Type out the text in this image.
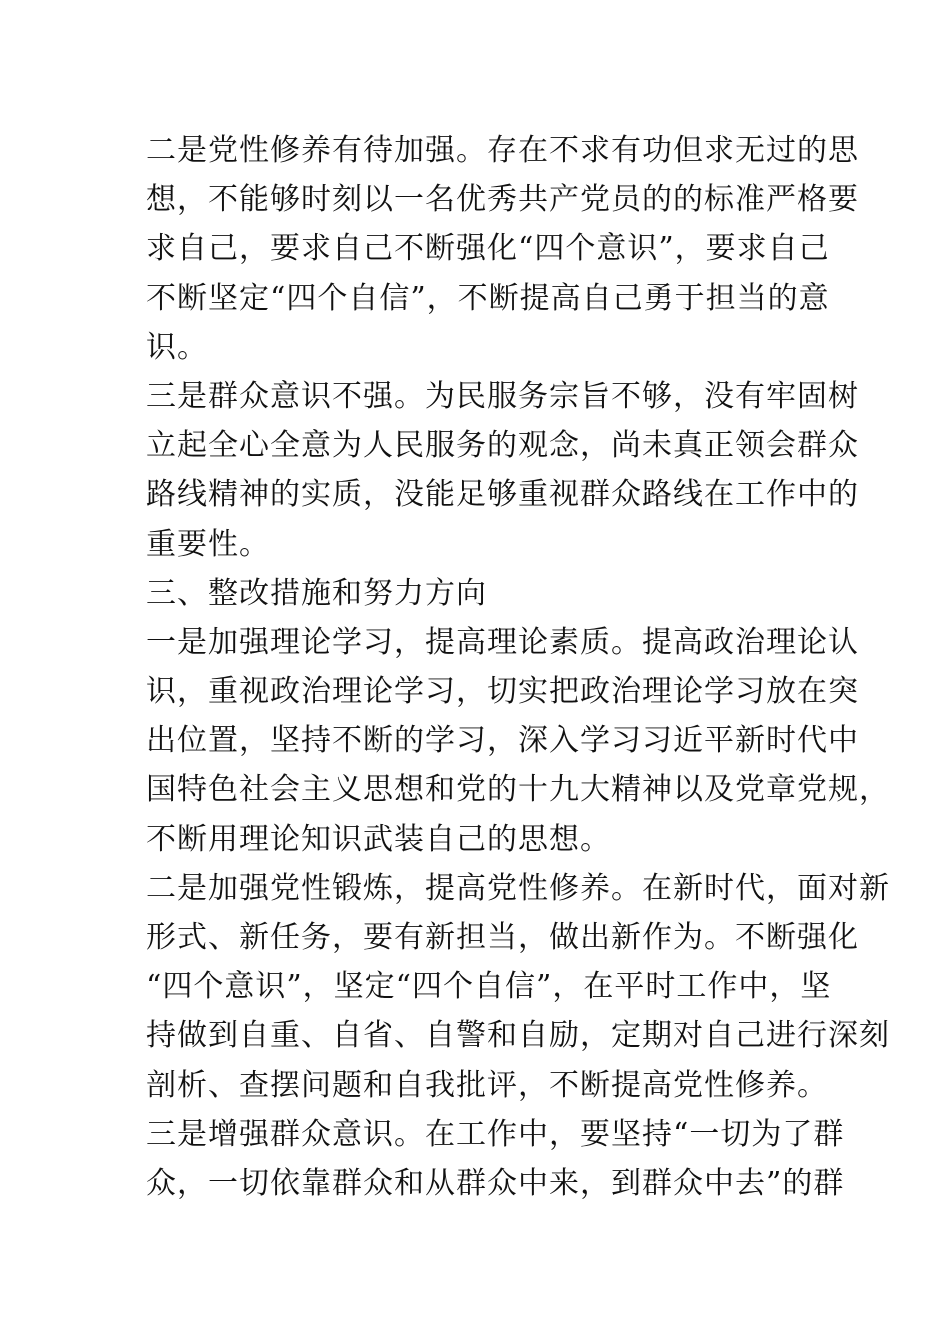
二是党性修养有待加强。存在不求有功但求无过的思
想，不能够时刻以一名优秀共产党员的的标准严格要
求自己，要求自己不断强化“四个意识”，要求自己
不断坚定“四个自信”，不断提高自己勇于担当的意
识。
三是群众意识不强。为民服务宗旨不够，没有牢固树
立起全心全意为人民服务的观念，尚未真正领会群众
路线精神的实质，没能足够重视群众路线在工作中的
重要性。
三、整改措施和努力方向
一是加强理论学习，提高理论素质。提高政治理论认
识，重视政治理论学习，切实把政治理论学习放在突
出位置，坚持不断的学习，深入学习习近平新时代中
国特色社会主义思想和党的十九大精神以及党章党规，
不断用理论知识武装自己的思想。
二是加强党性锻炼，提高党性修养。在新时代，面对新
形式、新任务，要有新担当，做出新作为。不断强化
“四个意识”，坚定“四个自信”，在平时工作中，坚
持做到自重、自省、自警和自励，定期对自己进行深刻
剖析、查摆问题和自我批评，不断提高党性修养。
三是增强群众意识。在工作中，要坚持“一切为了群
众，一切依靠群众和从群众中来，到群众中去”的群
